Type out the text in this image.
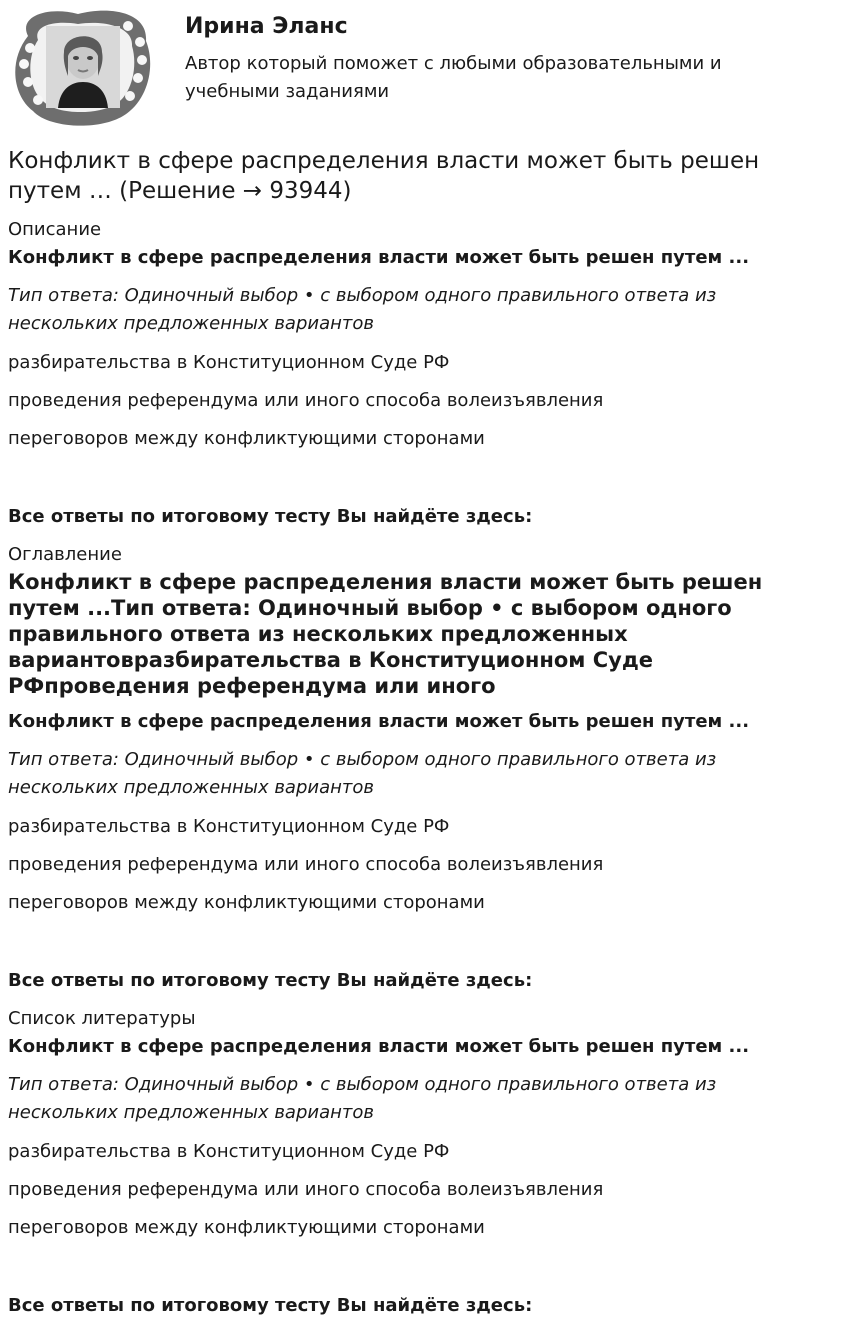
Ирина Эланс
Автор который поможет с любыми образовательными и учебными заданиями
Конфликт в сфере распределения власти может быть решен путем … (Решение → 93944)
Описание
Конфликт в сфере распределения власти может быть решен путем ...
Тип ответа: Одиночный выбор • с выбором одного правильного ответа из нескольких предложенных вариантов
разбирательства в Конституционном Суде РФ
проведения референдума или иного способа волеизъявления
переговоров между конфликтующими сторонами
Все ответы по итоговому тесту Вы найдёте здесь:
Оглавление
Конфликт в сфере распределения власти может быть решен путем ...Тип ответа: Одиночный выбор • с выбором одного правильного ответа из нескольких предложенных вариантовразбирательства в Конституционном Суде РФпроведения референдума или иного
Конфликт в сфере распределения власти может быть решен путем ...
Тип ответа: Одиночный выбор • с выбором одного правильного ответа из нескольких предложенных вариантов
разбирательства в Конституционном Суде РФ
проведения референдума или иного способа волеизъявления
переговоров между конфликтующими сторонами
Все ответы по итоговому тесту Вы найдёте здесь:
Список литературы
Конфликт в сфере распределения власти может быть решен путем ...
Тип ответа: Одиночный выбор • с выбором одного правильного ответа из нескольких предложенных вариантов
разбирательства в Конституционном Суде РФ
проведения референдума или иного способа волеизъявления
переговоров между конфликтующими сторонами
Все ответы по итоговому тесту Вы найдёте здесь:
